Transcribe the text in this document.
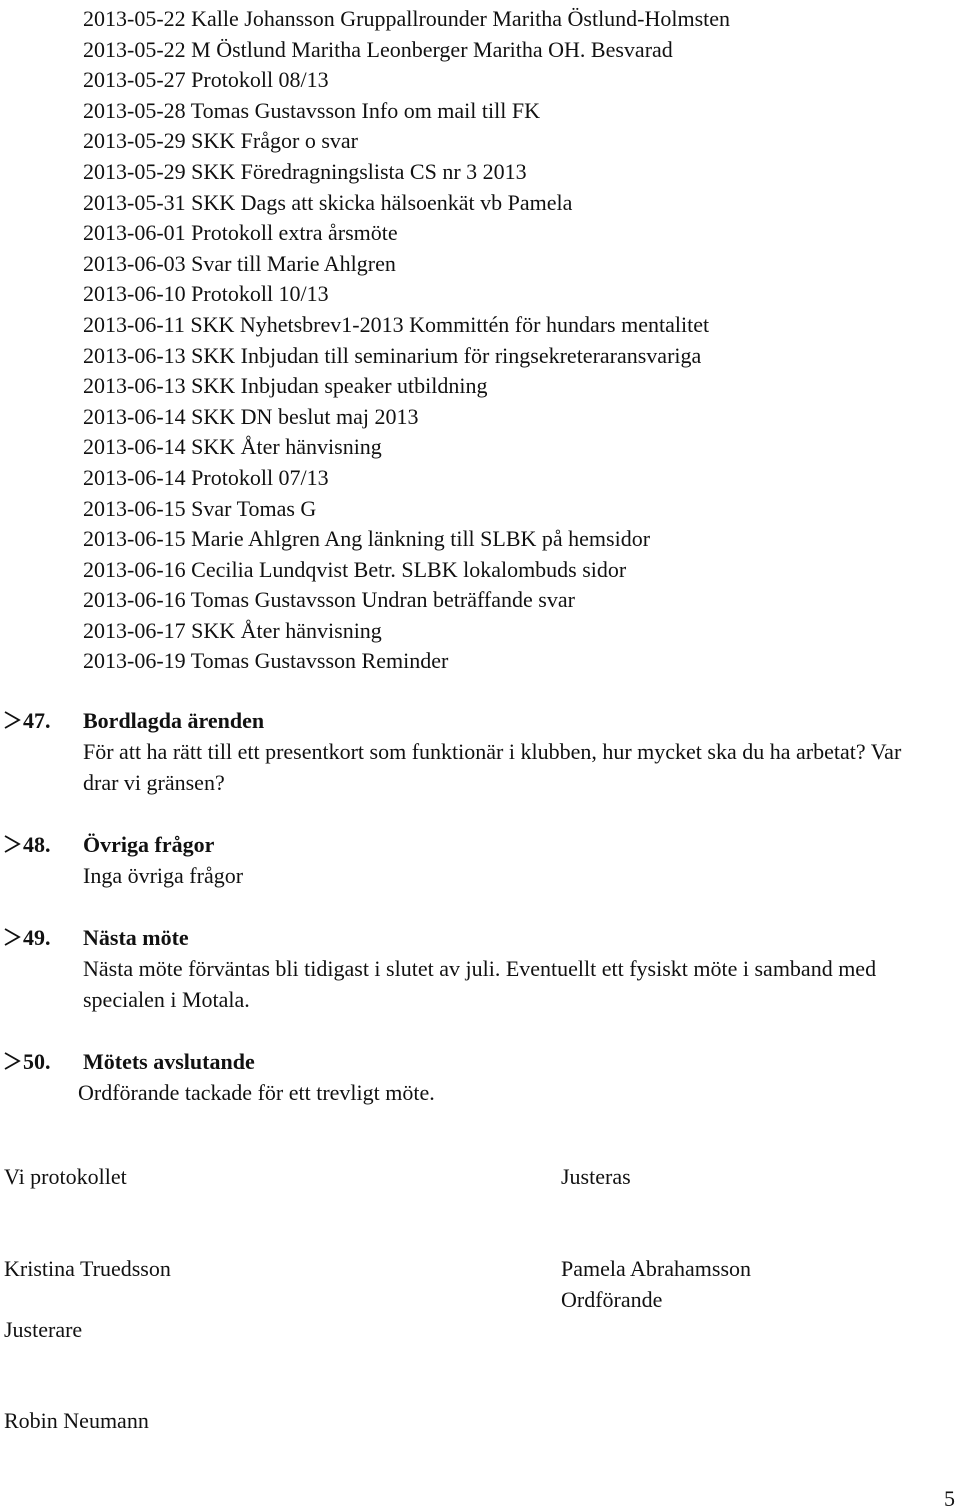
2013-05-22 Kalle Johansson Gruppallrounder Maritha Östlund-Holmsten
2013-05-22 M Östlund Maritha Leonberger Maritha OH. Besvarad
2013-05-27 Protokoll 08/13
2013-05-28 Tomas Gustavsson Info om mail till FK
2013-05-29 SKK Frågor o svar
2013-05-29 SKK Föredragningslista CS nr 3 2013
2013-05-31 SKK Dags att skicka hälsoenkät vb Pamela
2013-06-01 Protokoll extra årsmöte
2013-06-03 Svar till Marie Ahlgren
2013-06-10 Protokoll 10/13
2013-06-11 SKK Nyhetsbrev1-2013 Kommittén för hundars mentalitet
2013-06-13 SKK Inbjudan till seminarium för ringsekreteraransvariga
2013-06-13 SKK Inbjudan speaker utbildning
2013-06-14 SKK DN beslut maj 2013
2013-06-14 SKK Åter hänvisning
2013-06-14 Protokoll 07/13
2013-06-15 Svar Tomas G
2013-06-15 Marie Ahlgren Ang länkning till SLBK på hemsidor
2013-06-16 Cecilia Lundqvist Betr. SLBK lokalombuds sidor
2013-06-16 Tomas Gustavsson Undran beträffande svar
2013-06-17 SKK Åter hänvisning
2013-06-19 Tomas Gustavsson Reminder
47. Bordlagda ärenden

För att ha rätt till ett presentkort som funktionär i klubben, hur mycket ska du ha arbetat? Var drar vi gränsen?

48. Övriga frågor

Inga övriga frågor

49. Nästa möte

Nästa möte förväntas bli tidigast i slutet av juli. Eventuellt ett fysiskt möte i samband med specialen i Motala.

50. Mötets avslutande

Ordförande tackade för ett trevligt möte.

Vi protokollet	Justeras
Kristina Truedsson	Pamela Abrahamsson
Ordförande
Justerare
Robin Neumann
5
